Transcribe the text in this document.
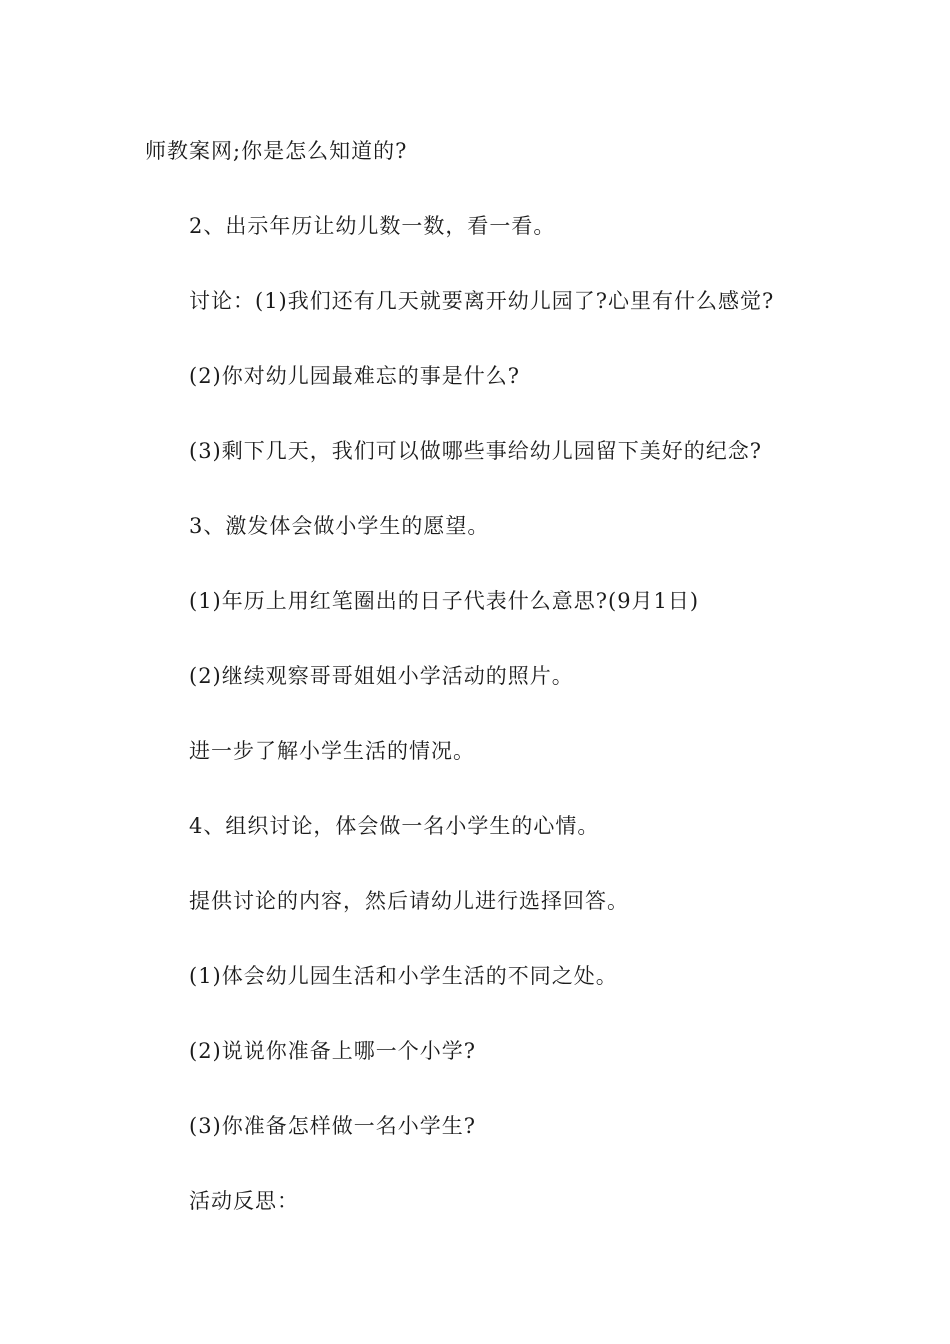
师教案网;你是怎么知道的?
2、出示年历让幼儿数一数，看一看。
讨论：(1)我们还有几天就要离开幼儿园了?心里有什么感觉?
(2)你对幼儿园最难忘的事是什么?
(3)剩下几天，我们可以做哪些事给幼儿园留下美好的纪念?
3、激发体会做小学生的愿望。
(1)年历上用红笔圈出的日子代表什么意思?(9月1日)
(2)继续观察哥哥姐姐小学活动的照片。
进一步了解小学生活的情况。
4、组织讨论，体会做一名小学生的心情。
提供讨论的内容，然后请幼儿进行选择回答。
(1)体会幼儿园生活和小学生活的不同之处。
(2)说说你准备上哪一个小学?
(3)你准备怎样做一名小学生?
活动反思：
